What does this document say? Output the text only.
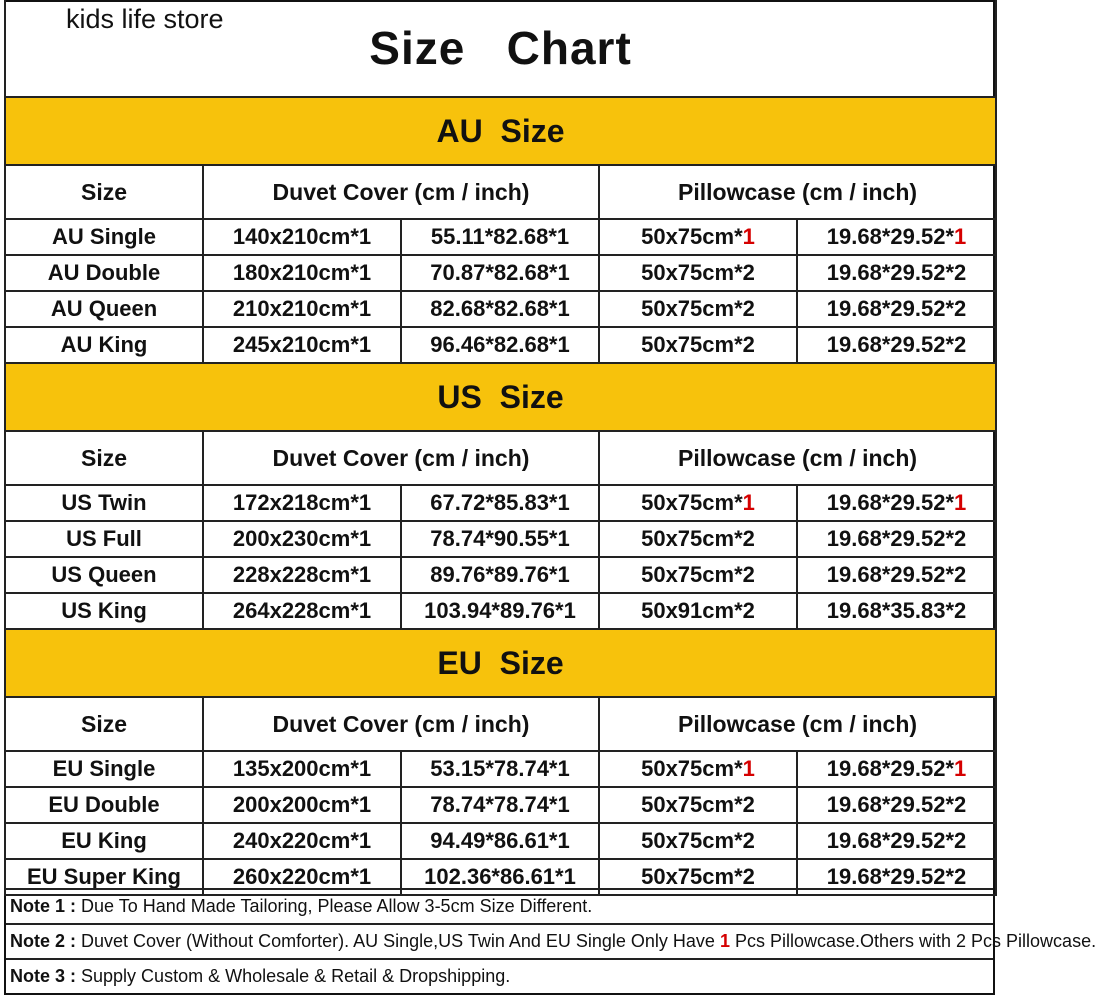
Size   Chart				
AU  Size				
Size	Duvet Cover (cm / inch)		Pillowcase (cm / inch)	
AU Single	140x210cm*1	55.11*82.68*1	50x75cm*1	19.68*29.52*1
AU Double	180x210cm*1	70.87*82.68*1	50x75cm*2	19.68*29.52*2
AU Queen	210x210cm*1	82.68*82.68*1	50x75cm*2	19.68*29.52*2
AU King	245x210cm*1	96.46*82.68*1	50x75cm*2	19.68*29.52*2
US  Size				
Size	Duvet Cover (cm / inch)		Pillowcase (cm / inch)	
US Twin	172x218cm*1	67.72*85.83*1	50x75cm*1	19.68*29.52*1
US Full	200x230cm*1	78.74*90.55*1	50x75cm*2	19.68*29.52*2
US Queen	228x228cm*1	89.76*89.76*1	50x75cm*2	19.68*29.52*2
US King	264x228cm*1	103.94*89.76*1	50x91cm*2	19.68*35.83*2
EU  Size				
Size	Duvet Cover (cm / inch)		Pillowcase (cm / inch)	
EU Single	135x200cm*1	53.15*78.74*1	50x75cm*1	19.68*29.52*1
EU Double	200x200cm*1	78.74*78.74*1	50x75cm*2	19.68*29.52*2
EU King	240x220cm*1	94.49*86.61*1	50x75cm*2	19.68*29.52*2
EU Super King	260x220cm*1	102.36*86.61*1	50x75cm*2	19.68*29.52*2
kids life store
Note 1 : Due To Hand Made Tailoring, Please Allow 3-5cm Size Different.
Note 2 : Duvet Cover (Without Comforter). AU Single,US Twin And EU Single Only Have 1 Pcs Pillowcase.Others with 2 Pcs Pillowcase.
Note 3 : Supply Custom & Wholesale & Retail & Dropshipping.
